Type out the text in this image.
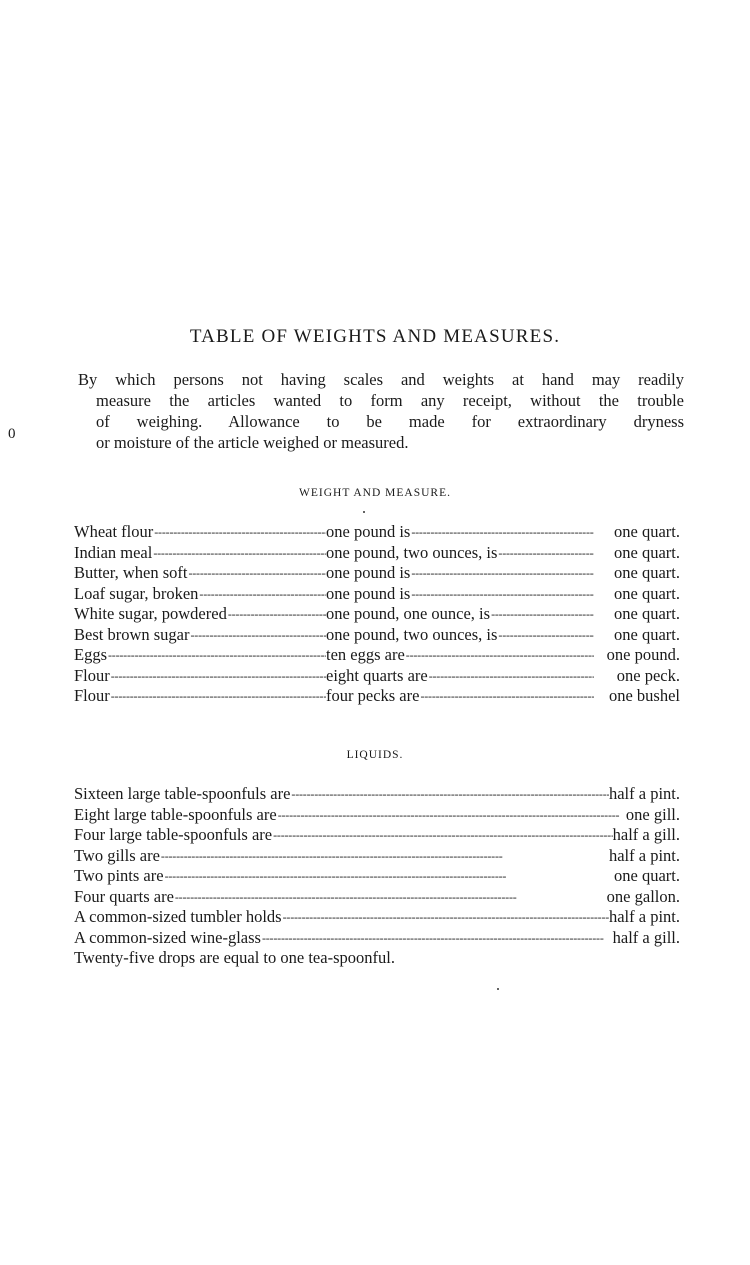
TABLE OF WEIGHTS AND MEASURES.
By which persons not having scales and weights at hand may readily
measure the articles wanted to form any receipt, without the trouble
of weighing. Allowance to be made for extraordinary dryness
or moisture of the article weighed or measured.
0
WEIGHT AND MEASURE.
Wheat flour - - -	one pound is - - -	one quart.
Indian meal - - -	one pound, two ounces, is - - -	one quart.
Butter, when soft - - -	one pound is - - -	one quart.
Loaf sugar, broken - - -	one pound is - - -	one quart.
White sugar, powdered - - -	one pound, one ounce, is - - -	one quart.
Best brown sugar - - -	one pound, two ounces, is - - -	one quart.
Eggs - - -	ten eggs are - - -	one pound.
Flour - - -	eight quarts are - - -	one peck.
Flour - - -	four pecks are - - -	one bushel
LIQUIDS.
Sixteen large table-spoonfuls are - - -	half a pint.
Eight large table-spoonfuls are - - -	one gill.
Four large table-spoonfuls are - - -	half a gill.
Two gills are - - -	half a pint.
Two pints are - - -	one quart.
Four quarts are - - -	one gallon.
A common-sized tumbler holds - - -	half a pint.
A common-sized wine-glass - - -	half a gill.
Twenty-five drops are equal to one tea-spoonful.
